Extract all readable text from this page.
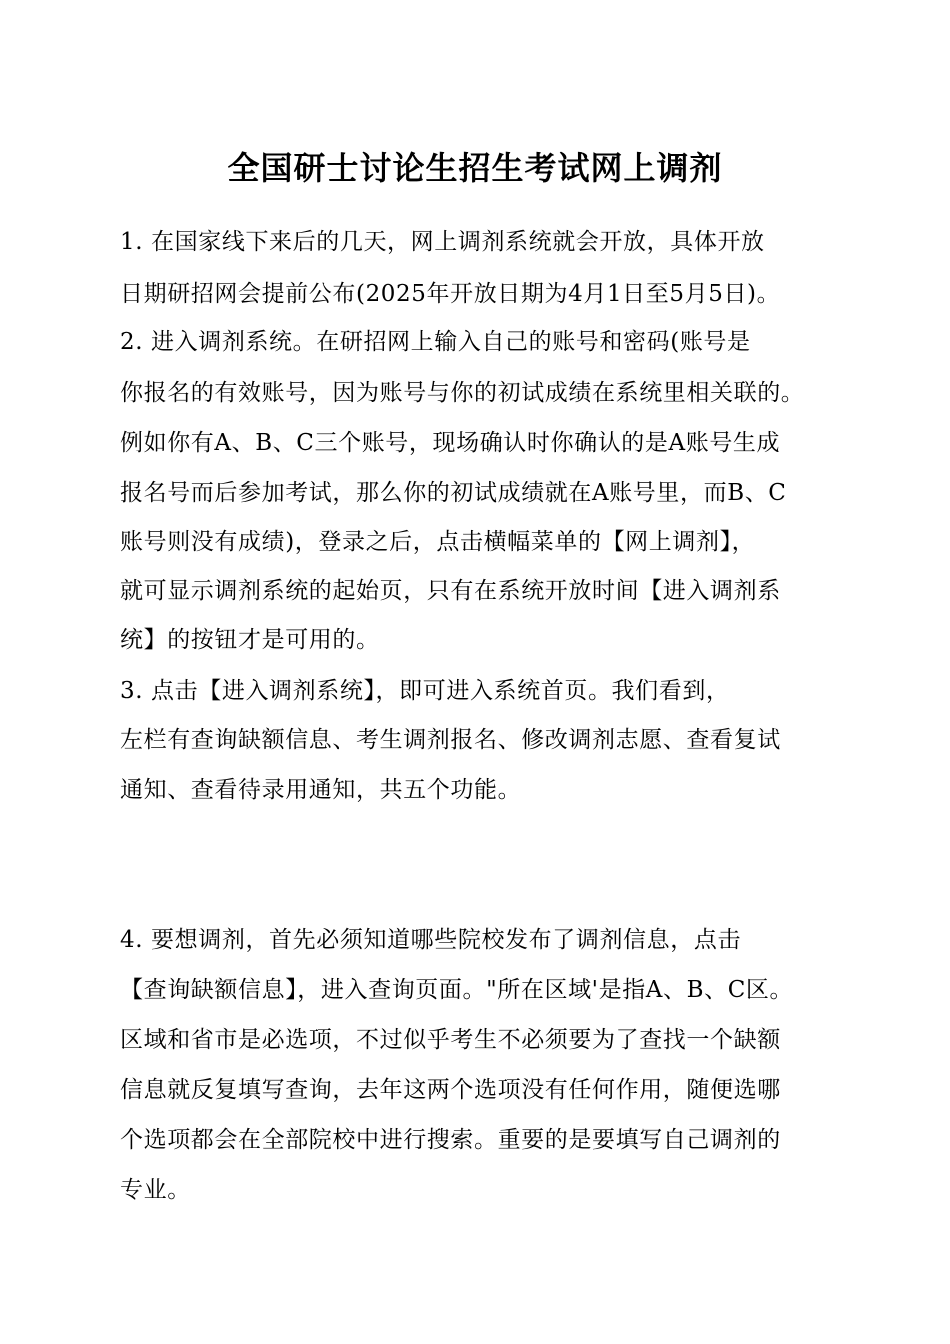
全国研士讨论生招生考试网上调剂
1. 在国家线下来后的几天，网上调剂系统就会开放，具体开放
日期研招网会提前公布(2025年开放日期为4月1日至5月5日)。
2. 进入调剂系统。在研招网上输入自己的账号和密码(账号是
你报名的有效账号，因为账号与你的初试成绩在系统里相关联的。
例如你有A、B、C三个账号，现场确认时你确认的是A账号生成
报名号而后参加考试，那么你的初试成绩就在A账号里，而B、C
账号则没有成绩)，登录之后，点击横幅菜单的【网上调剂】，
就可显示调剂系统的起始页，只有在系统开放时间【进入调剂系
统】的按钮才是可用的。
3. 点击【进入调剂系统】，即可进入系统首页。我们看到，
左栏有查询缺额信息、考生调剂报名、修改调剂志愿、查看复试
通知、查看待录用通知，共五个功能。
4. 要想调剂，首先必须知道哪些院校发布了调剂信息，点击
【查询缺额信息】，进入查询页面。"所在区域'是指A、B、C区。
区域和省市是必选项，不过似乎考生不必须要为了查找一个缺额
信息就反复填写查询，去年这两个选项没有任何作用，随便选哪
个选项都会在全部院校中进行搜索。重要的是要填写自己调剂的
专业。
